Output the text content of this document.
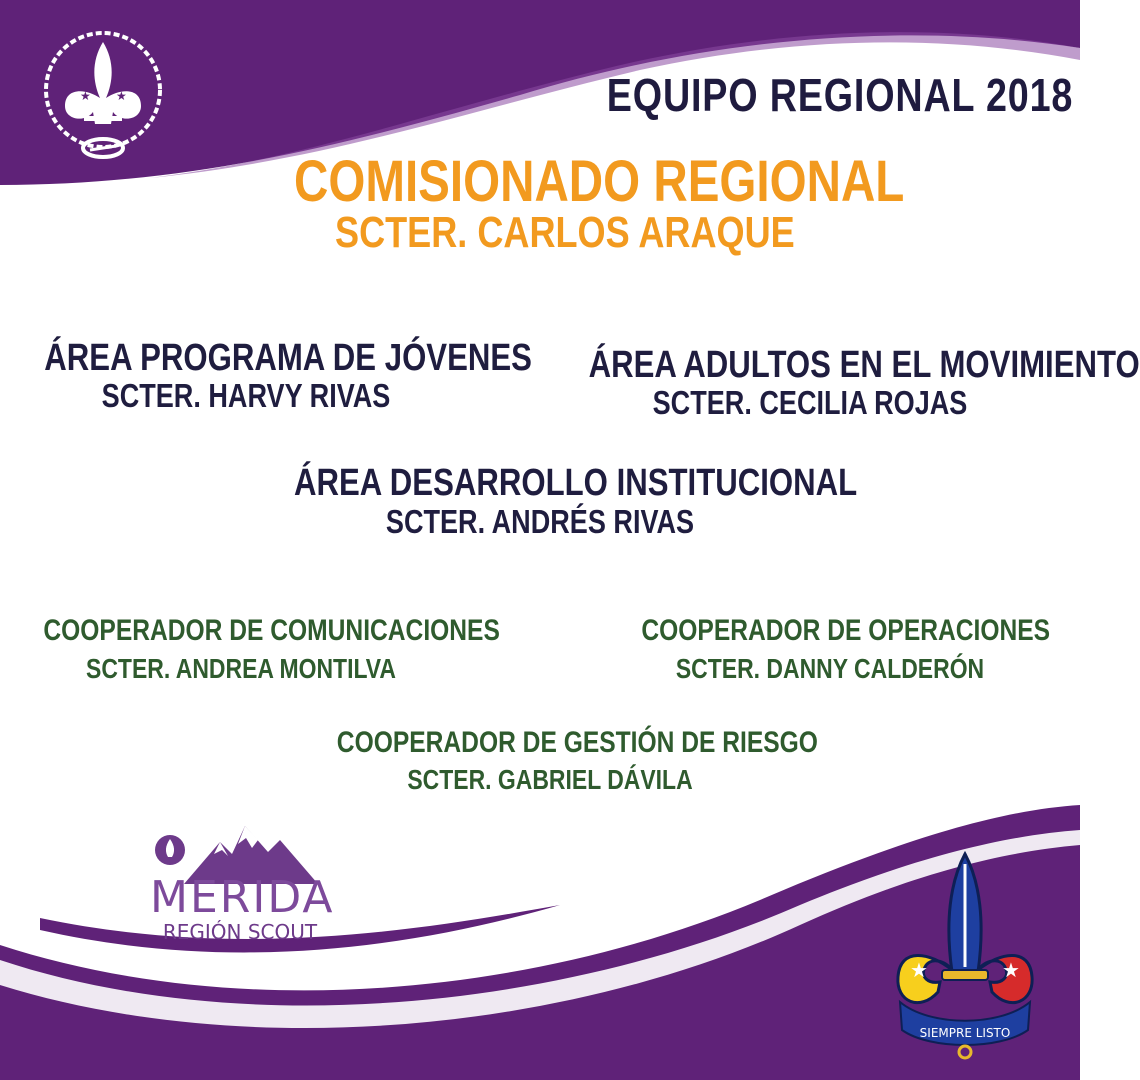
★ ★	EQUIPO REGIONAL 2018
COMISIONADO REGIONAL
SCTER. CARLOS ARAQUE
ÁREA PROGRAMA DE JÓVENES
SCTER. HARVY RIVAS
ÁREA ADULTOS EN EL MOVIMIENTO
SCTER. CECILIA ROJAS
ÁREA DESARROLLO INSTITUCIONAL
SCTER. ANDRÉS RIVAS
COOPERADOR DE COMUNICACIONES
SCTER. ANDREA MONTILVA
COOPERADOR DE OPERACIONES
SCTER. DANNY CALDERÓN
COOPERADOR DE GESTIÓN DE RIESGO
SCTER. GABRIEL DÁVILA
MERIDA
REGIÓN SCOUT
★	★
SIEMPRE LISTO
